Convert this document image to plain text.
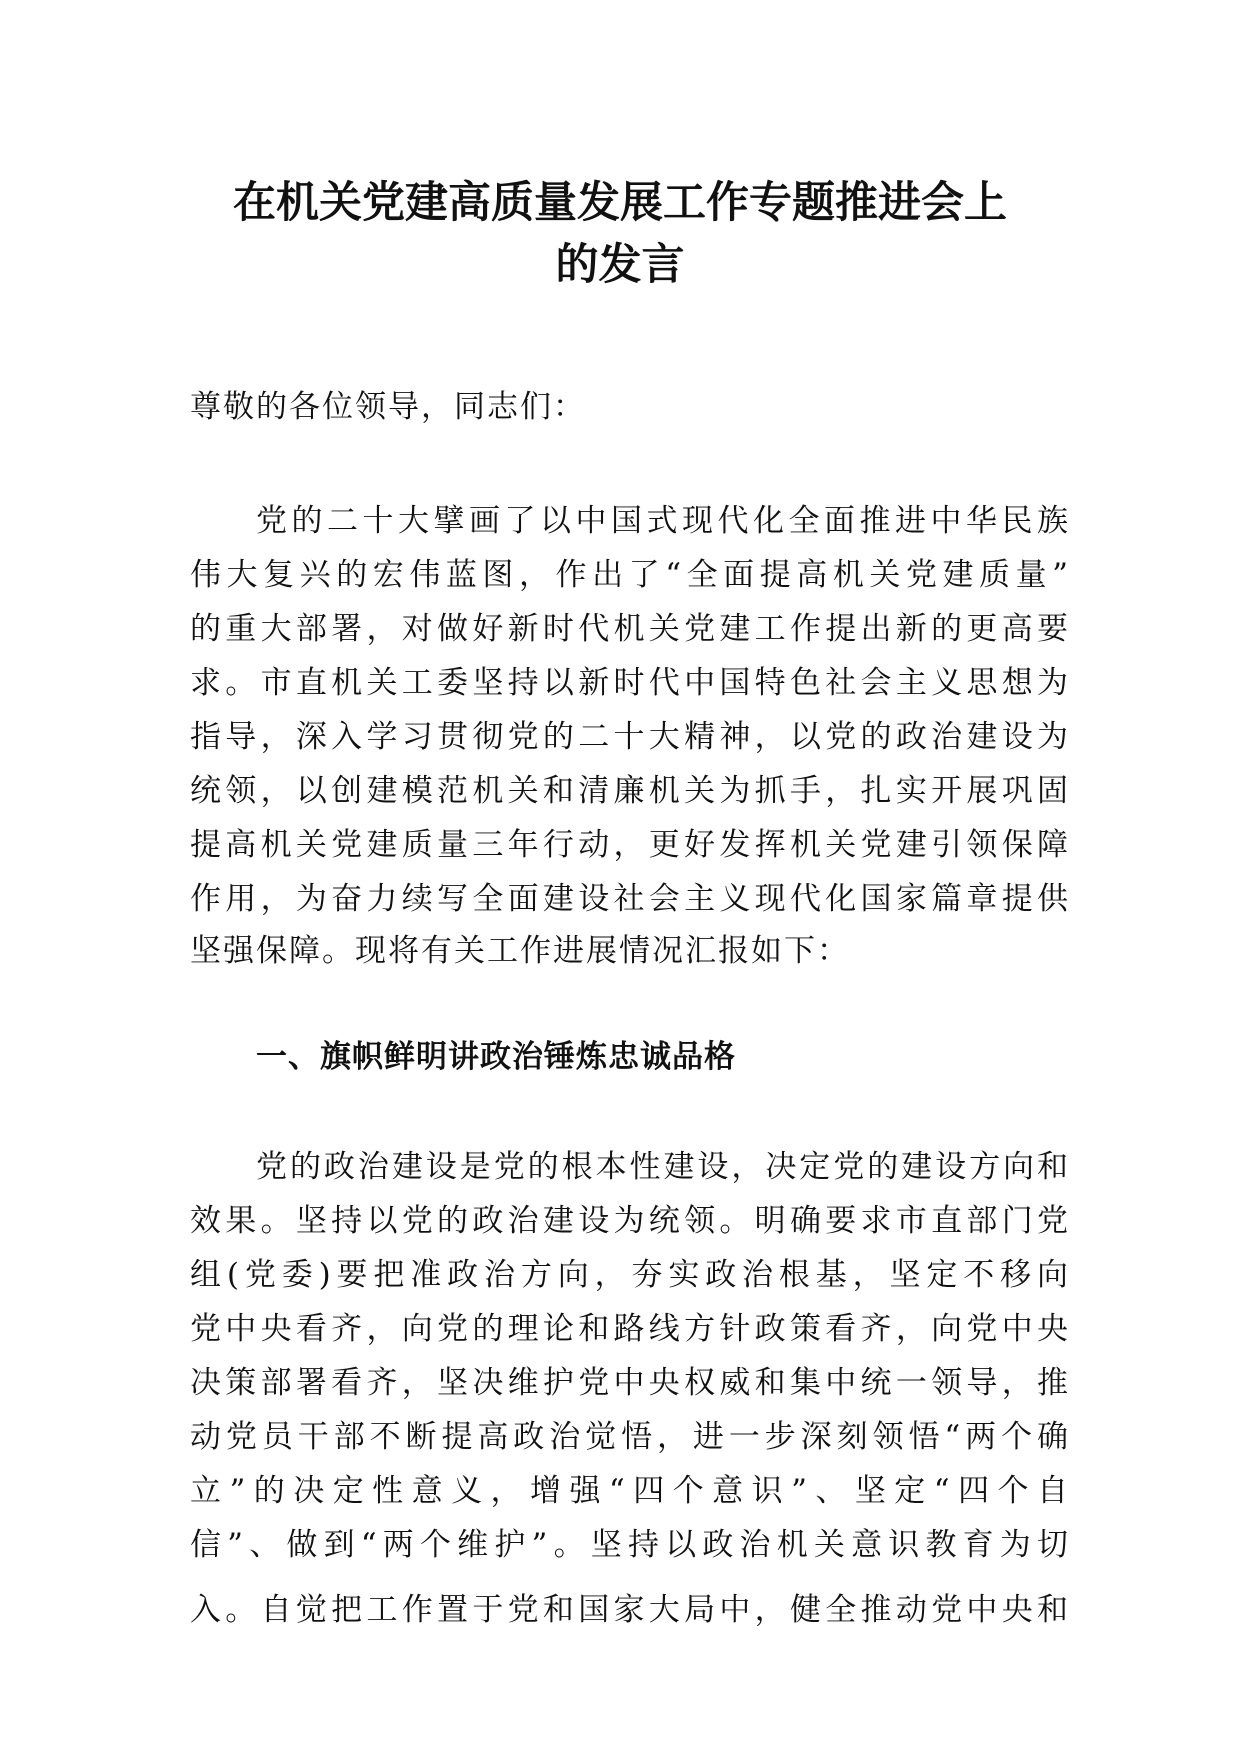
在机关党建高质量发展工作专题推进会上
的发言
尊敬的各位领导，同志们：
党的二十大擘画了以中国式现代化全面推进中华民族
伟大复兴的宏伟蓝图，作出了“全面提高机关党建质量”
的重大部署，对做好新时代机关党建工作提出新的更高要
求。市直机关工委坚持以新时代中国特色社会主义思想为
指导，深入学习贯彻党的二十大精神，以党的政治建设为
统领，以创建模范机关和清廉机关为抓手，扎实开展巩固
提高机关党建质量三年行动，更好发挥机关党建引领保障
作用，为奋力续写全面建设社会主义现代化国家篇章提供
坚强保障。现将有关工作进展情况汇报如下：
一、旗帜鲜明讲政治锤炼忠诚品格
党的政治建设是党的根本性建设，决定党的建设方向和
效果。坚持以党的政治建设为统领。明确要求市直部门党
组(党委)要把准政治方向，夯实政治根基，坚定不移向
党中央看齐，向党的理论和路线方针政策看齐，向党中央
决策部署看齐，坚决维护党中央权威和集中统一领导，推
动党员干部不断提高政治觉悟，进一步深刻领悟“两个确
立”的决定性意义，增强“四个意识”、坚定“四个自
信”、做到“两个维护”。坚持以政治机关意识教育为切
入。自觉把工作置于党和国家大局中，健全推动党中央和
